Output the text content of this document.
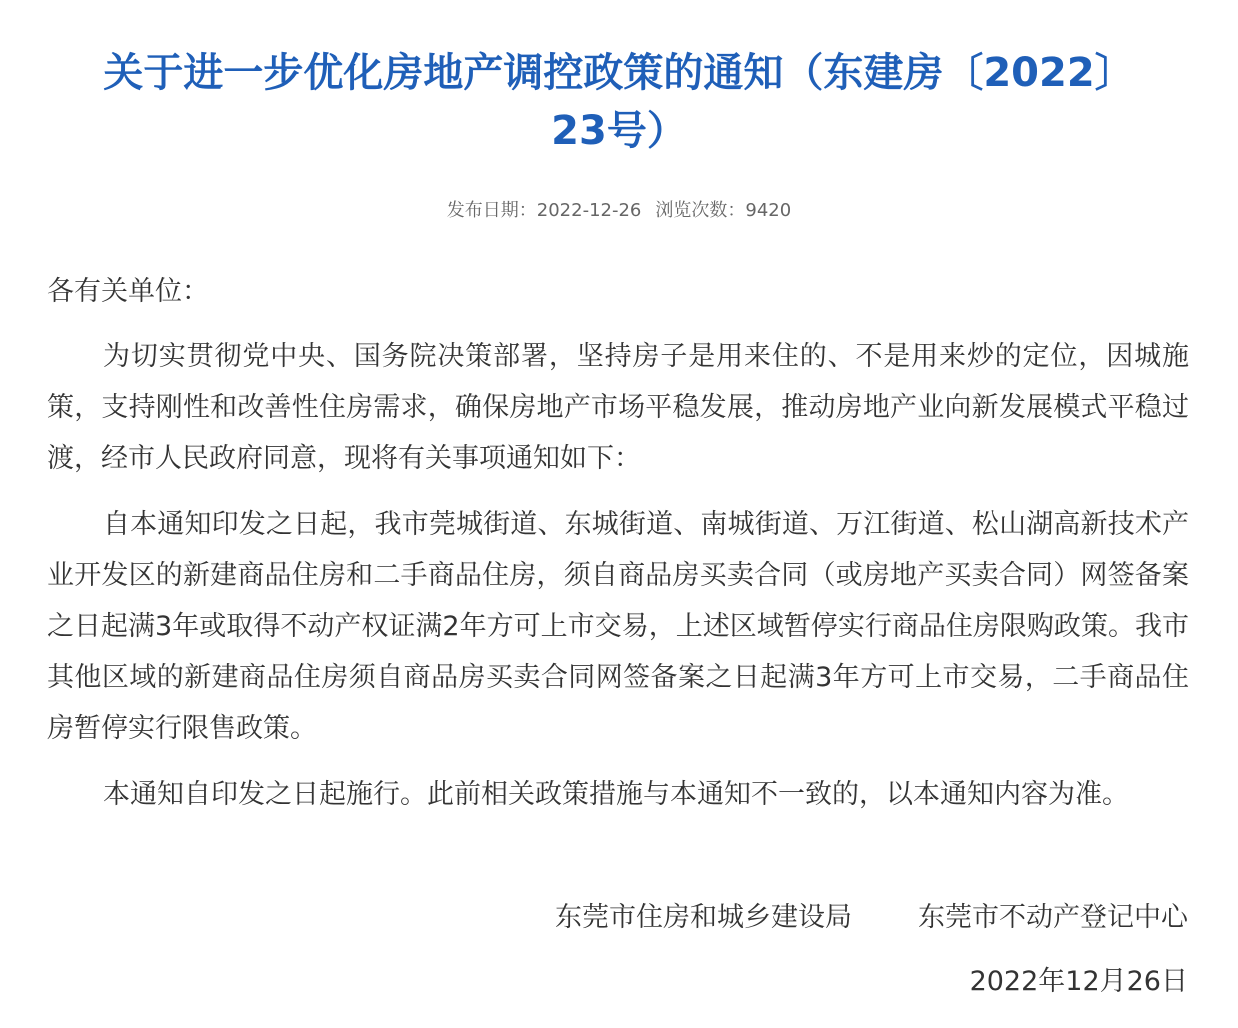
关于进一步优化房地产调控政策的通知（东建房〔2022〕23号）
发布日期：2022-12-26 浏览次数：9420

各有关单位：

为切实贯彻党中央、国务院决策部署，坚持房子是用来住的、不是用来炒的定位，因城施策，支持刚性和改善性住房需求，确保房地产市场平稳发展，推动房地产业向新发展模式平稳过渡，经市人民政府同意，现将有关事项通知如下：

自本通知印发之日起，我市莞城街道、东城街道、南城街道、万江街道、松山湖高新技术产业开发区的新建商品住房和二手商品住房，须自商品房买卖合同（或房地产买卖合同）网签备案之日起满3年或取得不动产权证满2年方可上市交易，上述区域暂停实行商品住房限购政策。我市其他区域的新建商品住房须自商品房买卖合同网签备案之日起满3年方可上市交易，二手商品住房暂停实行限售政策。

本通知自印发之日起施行。此前相关政策措施与本通知不一致的，以本通知内容为准。

东莞市住房和城乡建设局 东莞市不动产登记中心
2022年12月26日
